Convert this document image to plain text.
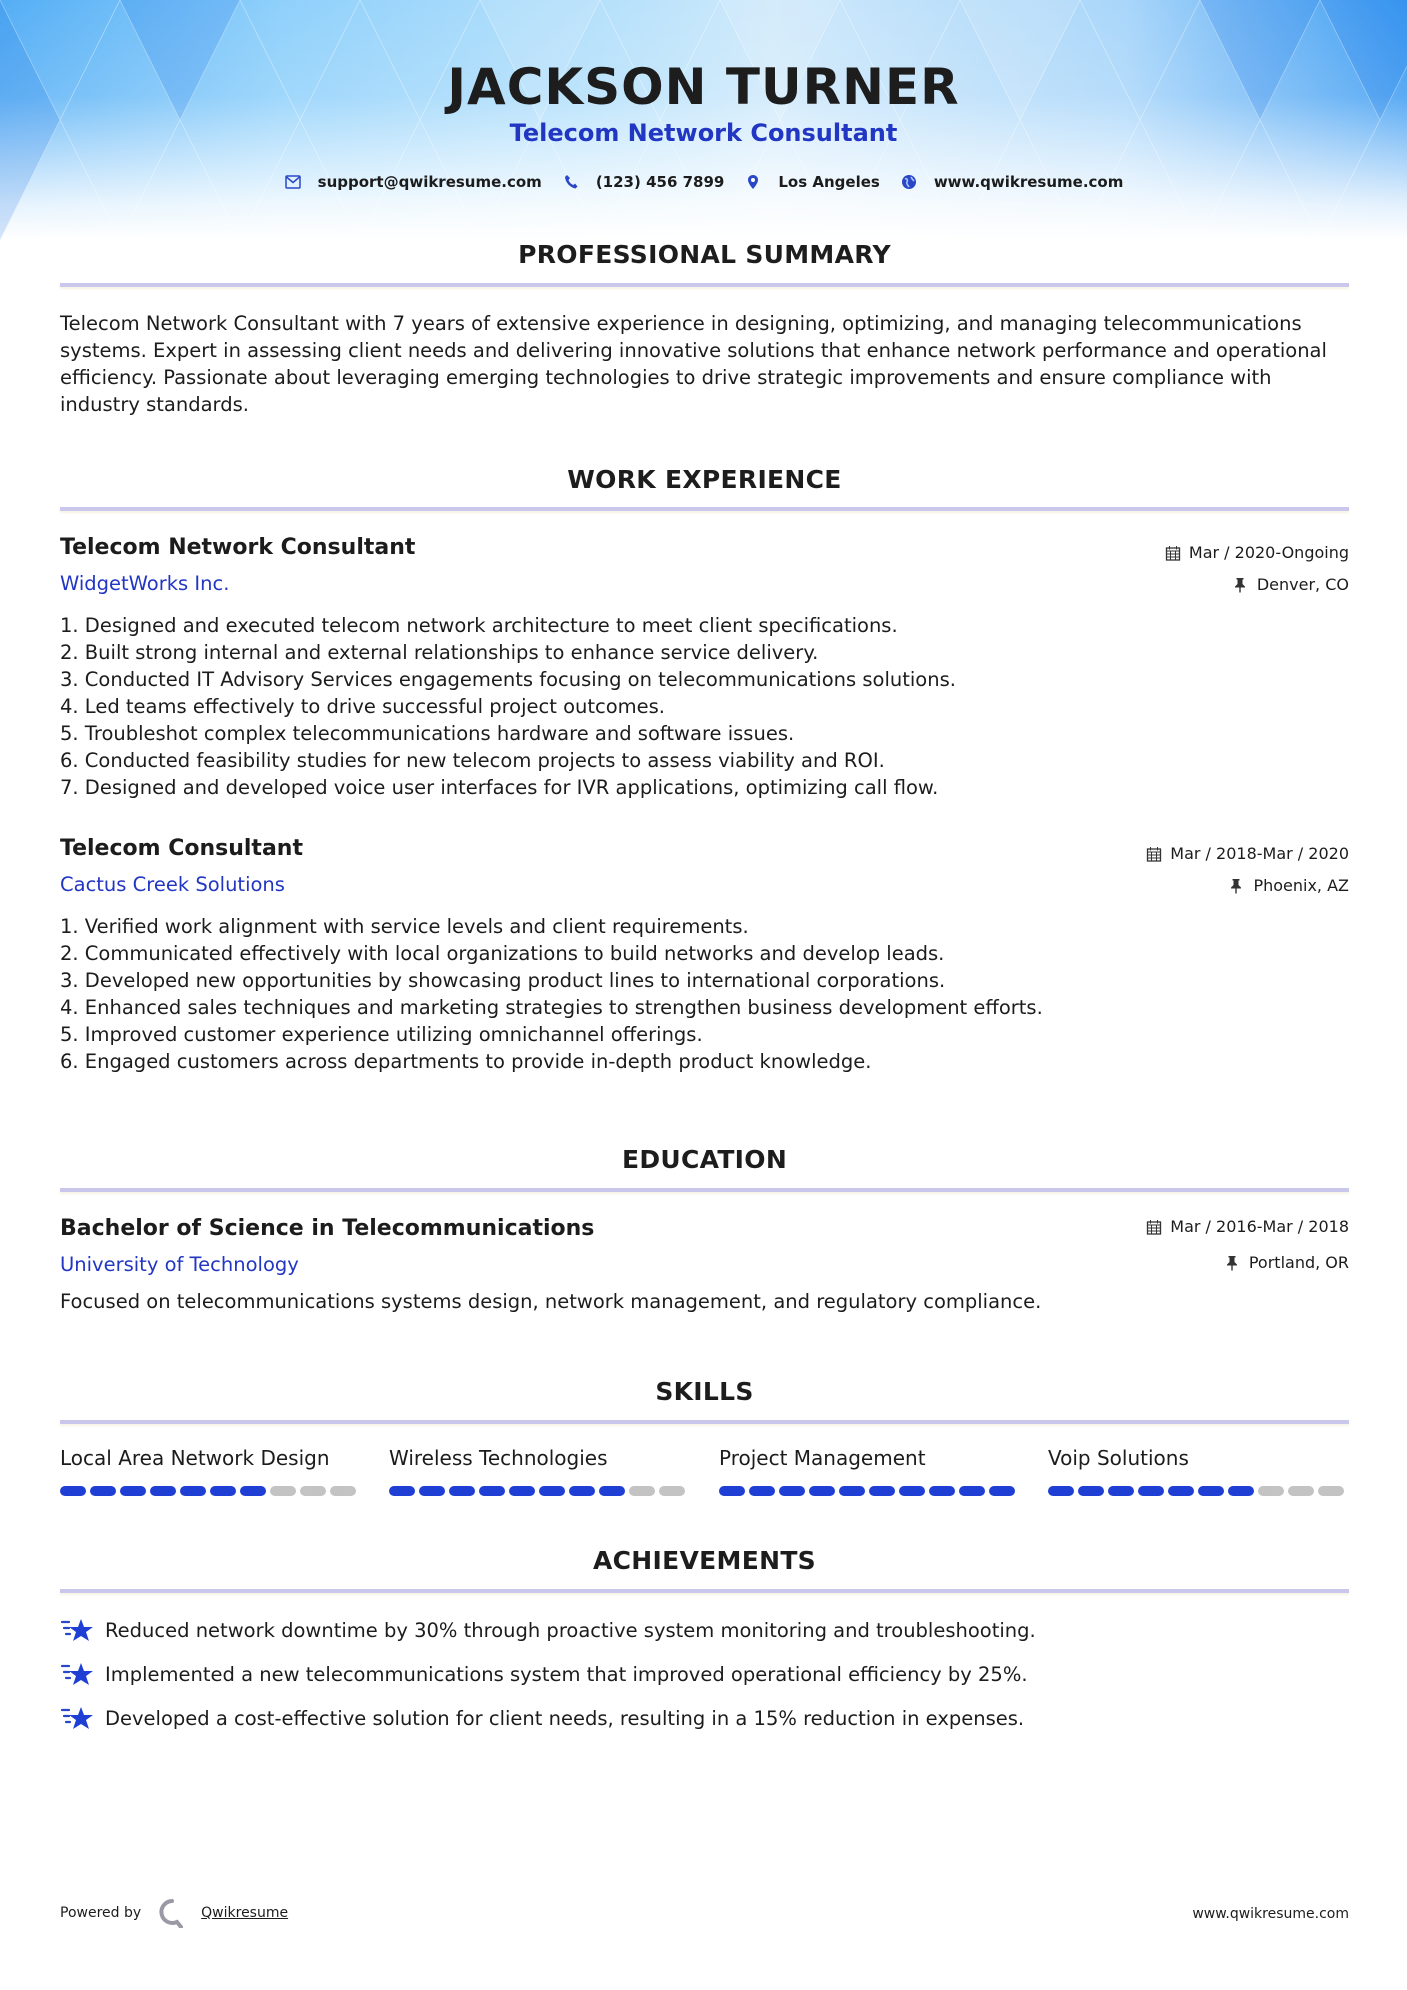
JACKSON TURNER
Telecom Network Consultant
support@qwikresume.com	(123) 456 7899	Los Angeles	www.qwikresume.com
PROFESSIONAL SUMMARY
Telecom Network Consultant with 7 years of extensive experience in designing, optimizing, and managing telecommunications systems. Expert in assessing client needs and delivering innovative solutions that enhance network performance and operational efficiency. Passionate about leveraging emerging technologies to drive strategic improvements and ensure compliance with industry standards.
WORK EXPERIENCE
Telecom Network Consultant
WidgetWorks Inc.
Mar / 2020-Ongoing
Denver, CO
1. Designed and executed telecom network architecture to meet client specifications.
2. Built strong internal and external relationships to enhance service delivery.
3. Conducted IT Advisory Services engagements focusing on telecommunications solutions.
4. Led teams effectively to drive successful project outcomes.
5. Troubleshot complex telecommunications hardware and software issues.
6. Conducted feasibility studies for new telecom projects to assess viability and ROI.
7. Designed and developed voice user interfaces for IVR applications, optimizing call flow.
Telecom Consultant
Cactus Creek Solutions
Mar / 2018-Mar / 2020
Phoenix, AZ
1. Verified work alignment with service levels and client requirements.
2. Communicated effectively with local organizations to build networks and develop leads.
3. Developed new opportunities by showcasing product lines to international corporations.
4. Enhanced sales techniques and marketing strategies to strengthen business development efforts.
5. Improved customer experience utilizing omnichannel offerings.
6. Engaged customers across departments to provide in-depth product knowledge.
EDUCATION
Bachelor of Science in Telecommunications
University of Technology
Mar / 2016-Mar / 2018
Portland, OR
Focused on telecommunications systems design, network management, and regulatory compliance.
SKILLS
Local Area Network Design	Wireless Technologies	Project Management	Voip Solutions
ACHIEVEMENTS
Reduced network downtime by 30% through proactive system monitoring and troubleshooting.
Implemented a new telecommunications system that improved operational efficiency by 25%.
Developed a cost-effective solution for client needs, resulting in a 15% reduction in expenses.
Powered by	Qwikresume	www.qwikresume.com
